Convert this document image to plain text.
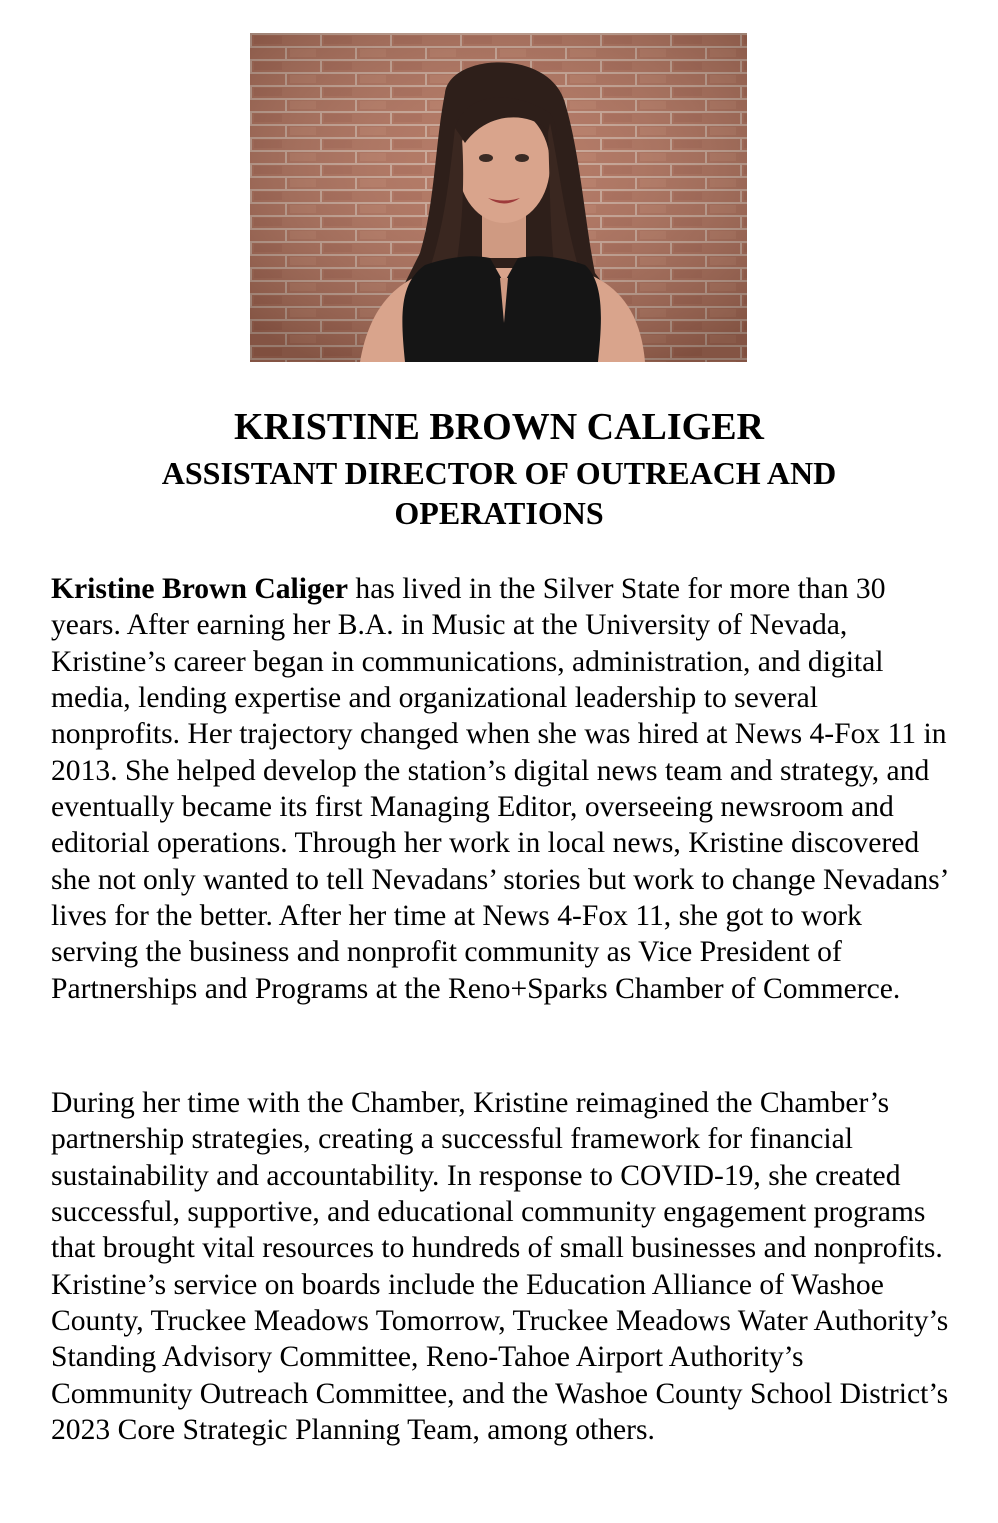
KRISTINE BROWN CALIGER
ASSISTANT DIRECTOR OF OUTREACH AND OPERATIONS

Kristine Brown Caliger has lived in the Silver State for more than 30 years. After earning her B.A. in Music at the University of Nevada, Kristine’s career began in communications, administration, and digital media, lending expertise and organizational leadership to several nonprofits. Her trajectory changed when she was hired at News 4-Fox 11 in 2013. She helped develop the station’s digital news team and strategy, and eventually became its first Managing Editor, overseeing newsroom and editorial operations. Through her work in local news, Kristine discovered she not only wanted to tell Nevadans’ stories but work to change Nevadans’ lives for the better. After her time at News 4-Fox 11, she got to work serving the business and nonprofit community as Vice President of Partnerships and Programs at the Reno+Sparks Chamber of Commerce.

During her time with the Chamber, Kristine reimagined the Chamber’s partnership strategies, creating a successful framework for financial sustainability and accountability. In response to COVID-19, she created successful, supportive, and educational community engagement programs that brought vital resources to hundreds of small businesses and nonprofits. Kristine’s service on boards include the Education Alliance of Washoe County, Truckee Meadows Tomorrow, Truckee Meadows Water Authority’s Standing Advisory Committee, Reno-Tahoe Airport Authority’s Community Outreach Committee, and the Washoe County School District’s 2023 Core Strategic Planning Team, among others.
